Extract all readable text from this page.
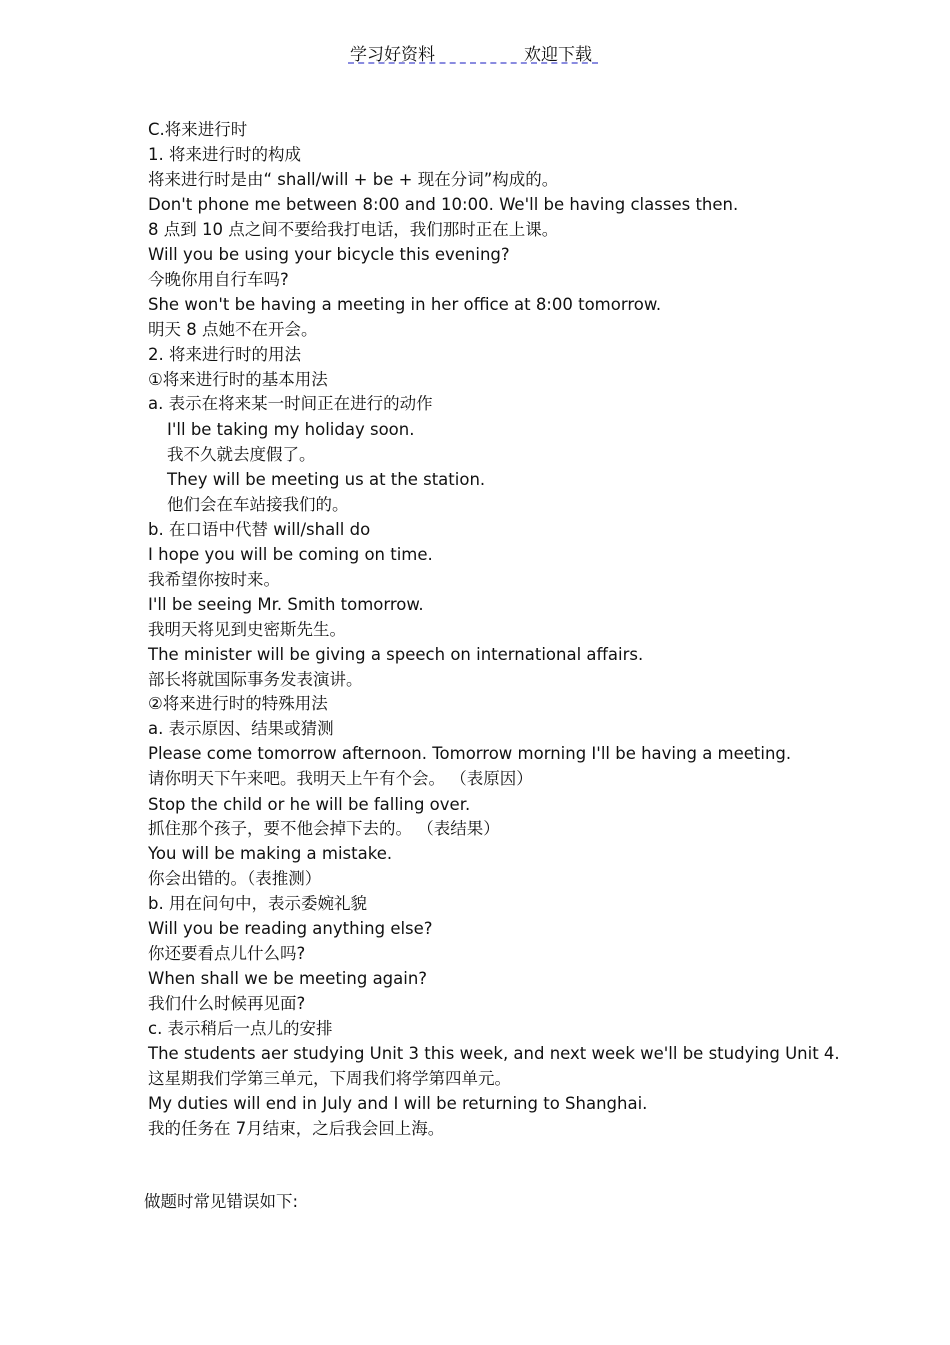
学习好资料	欢迎下载
C.将来进行时
1. 将来进行时的构成
将来进行时是由“ shall/will + be + 现在分词”构成的。
Don't phone me between 8:00 and 10:00. We'll be having classes then.
8 点到 10 点之间不要给我打电话，我们那时正在上课。
Will you be using your bicycle this evening?
今晚你用自行车吗?
She won't be having a meeting in her office at 8:00 tomorrow.
明天 8 点她不在开会。
2. 将来进行时的用法
①将来进行时的基本用法
a. 表示在将来某一时间正在进行的动作
I'll be taking my holiday soon.
我不久就去度假了。
They will be meeting us at the station.
他们会在车站接我们的。
b. 在口语中代替 will/shall do
I hope you will be coming on time.
我希望你按时来。
I'll be seeing Mr. Smith tomorrow.
我明天将见到史密斯先生。
The minister will be giving a speech on international affairs.
部长将就国际事务发表演讲。
②将来进行时的特殊用法
a. 表示原因、结果或猜测
Please come tomorrow afternoon. Tomorrow morning I'll be having a meeting.
请你明天下午来吧。我明天上午有个会。 （表原因）
Stop the child or he will be falling over.
抓住那个孩子，要不他会掉下去的。 （表结果）
You will be making a mistake.
你会出错的。（表推测）
b. 用在问句中，表示委婉礼貌
Will you be reading anything else?
你还要看点儿什么吗?
When shall we be meeting again?
我们什么时候再见面?
c. 表示稍后一点儿的安排
The students aer studying Unit 3 this week, and next week we'll be studying Unit 4.
这星期我们学第三单元，下周我们将学第四单元。
My duties will end in July and I will be returning to Shanghai.
我的任务在 7月结束，之后我会回上海。
做题时常见错误如下:
